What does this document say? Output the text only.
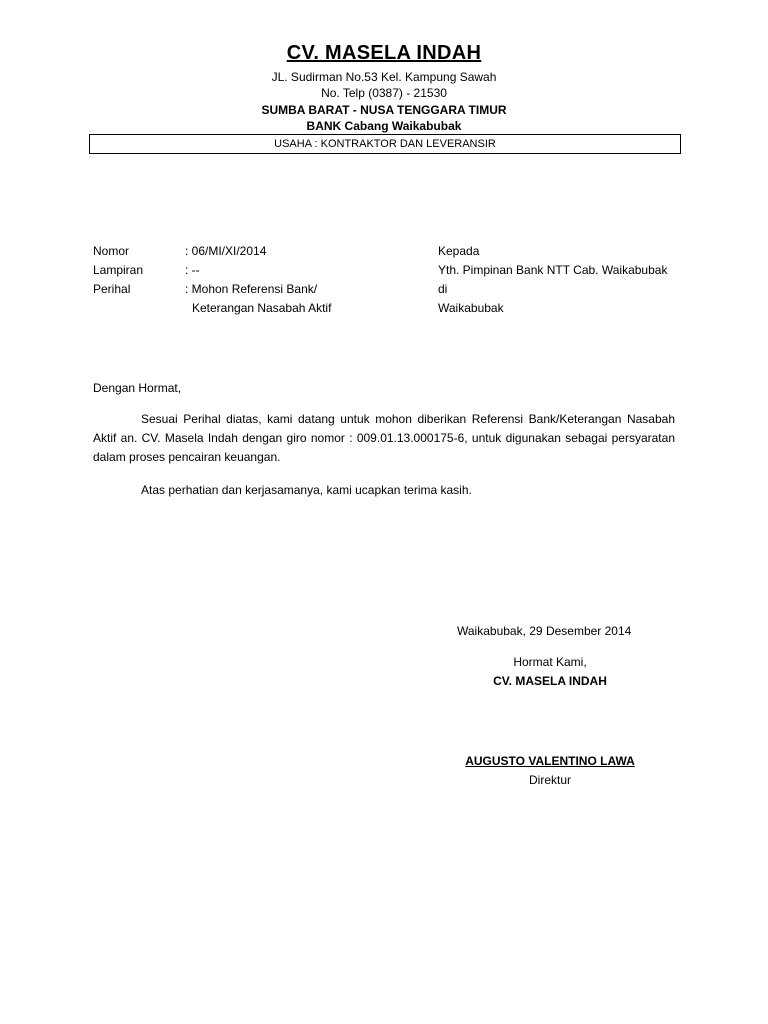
CV. MASELA INDAH
JL. Sudirman No.53 Kel. Kampung Sawah
No. Telp (0387) - 21530
SUMBA BARAT - NUSA TENGGARA TIMUR
BANK Cabang Waikabubak
USAHA : KONTRAKTOR DAN LEVERANSIR
Nomor	: 06/MI/XI/2014
Lampiran	: --
Perihal	: Mohon Referensi Bank/
Keterangan Nasabah Aktif
Kepada
Yth. Pimpinan Bank NTT Cab. Waikabubak
di
Waikabubak
Dengan Hormat,
Sesuai Perihal diatas, kami datang untuk mohon diberikan Referensi Bank/Keterangan Nasabah Aktif an. CV. Masela Indah dengan giro nomor : 009.01.13.000175-6, untuk digunakan sebagai persyaratan dalam proses pencairan keuangan.
Atas perhatian dan kerjasamanya, kami ucapkan terima kasih.
Waikabubak, 29 Desember 2014
Hormat Kami,
CV. MASELA INDAH
AUGUSTO VALENTINO LAWA
Direktur
